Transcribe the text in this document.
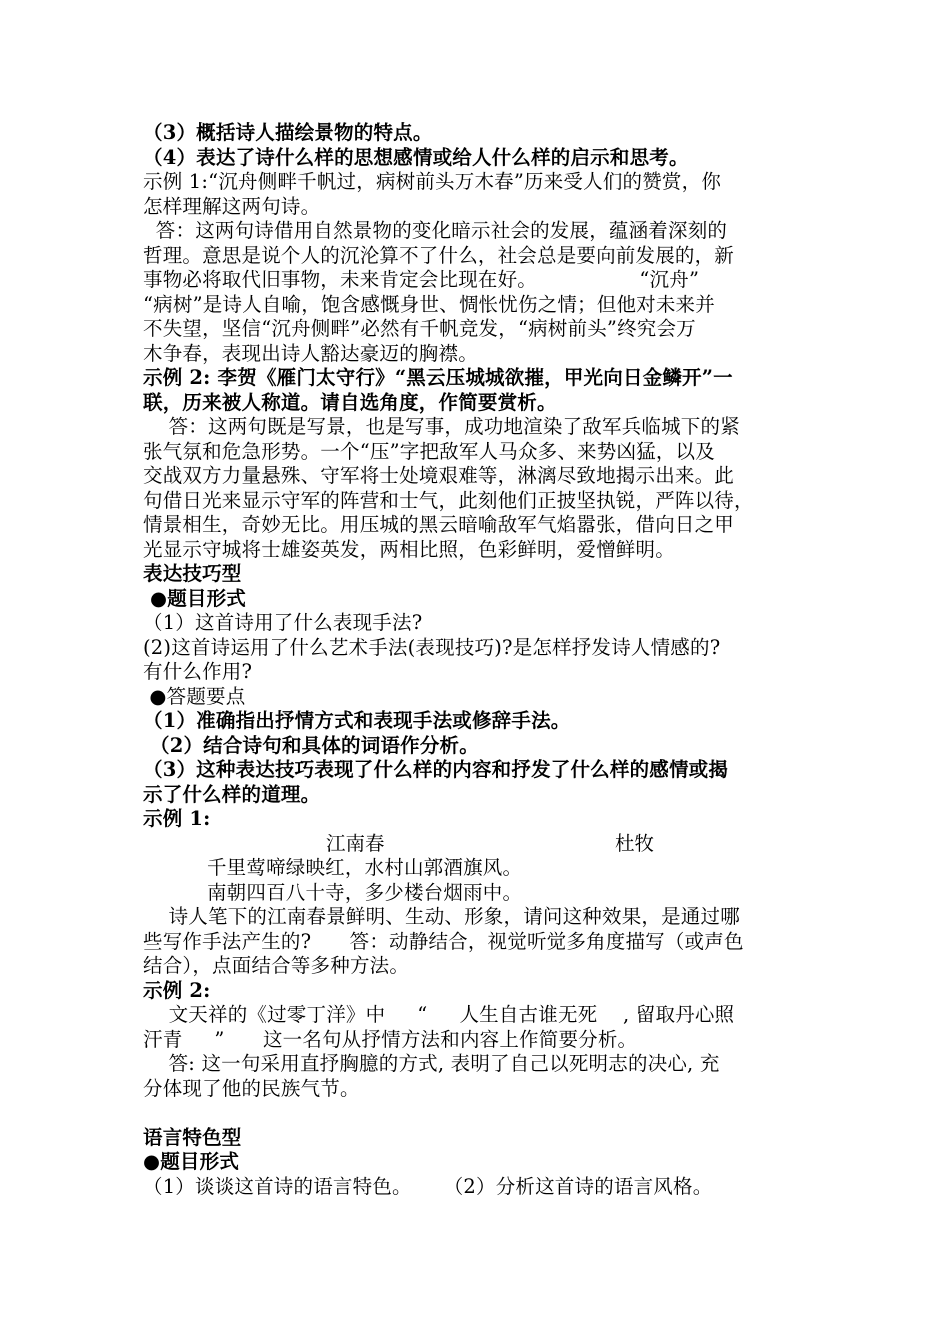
（3）概括诗人描绘景物的特点。
（4）表达了诗什么样的思想感情或给人什么样的启示和思考。
示例 1:“沉舟侧畔千帆过，病树前头万木春”历来受人们的赞赏，你
怎样理解这两句诗。
答：这两句诗借用自然景物的变化暗示社会的发展，蕴涵着深刻的
哲理。意思是说个人的沉沦算不了什么，社会总是要向前发展的，新
事物必将取代旧事物，未来肯定会比现在好。                “沉舟”
“病树”是诗人自喻，饱含感慨身世、惆怅忧伤之情；但他对未来并
不失望，坚信“沉舟侧畔”必然有千帆竞发，“病树前头”终究会万
木争春，表现出诗人豁达豪迈的胸襟。
示例 2: 李贺《雁门太守行》“黑云压城城欲摧，甲光向日金鳞开”一
联，历来被人称道。请自选角度，作简要赏析。
答：这两句既是写景，也是写事，成功地渲染了敌军兵临城下的紧
张气氛和危急形势。一个“压”字把敌军人马众多、来势凶猛，以及
交战双方力量悬殊、守军将士处境艰难等，淋漓尽致地揭示出来。此
句借日光来显示守军的阵营和士气，此刻他们正披坚执锐，严阵以待，
情景相生，奇妙无比。用压城的黑云暗喻敌军气焰嚣张，借向日之甲
光显示守城将士雄姿英发，两相比照，色彩鲜明，爱憎鲜明。
表达技巧型
●题目形式
（1）这首诗用了什么表现手法?
(2)这首诗运用了什么艺术手法(表现技巧)?是怎样抒发诗人情感的?
有什么作用?
●答题要点
（1）准确指出抒情方式和表现手法或修辞手法。
（2）结合诗句和具体的词语作分析。
（3）这种表达技巧表现了什么样的内容和抒发了什么样的感情或揭
示了什么样的道理。
示例 1:
江南春	杜牧
千里莺啼绿映红，水村山郭酒旗风。
南朝四百八十寺，多少楼台烟雨中。
诗人笔下的江南春景鲜明、生动、形象，请问这种效果，是通过哪
些写作手法产生的?      答：动静结合，视觉听觉多角度描写（或声色
结合），点面结合等多种方法。
示例 2:
文天祥的《过零丁洋》中     “     人生自古谁无死    , 留取丹心照
汗青     ”      这一名句从抒情方法和内容上作简要分析。
答: 这一句采用直抒胸臆的方式, 表明了自己以死明志的决心, 充
分体现了他的民族气节。
语言特色型
●题目形式
（1）谈谈这首诗的语言特色。     （2）分析这首诗的语言风格。
